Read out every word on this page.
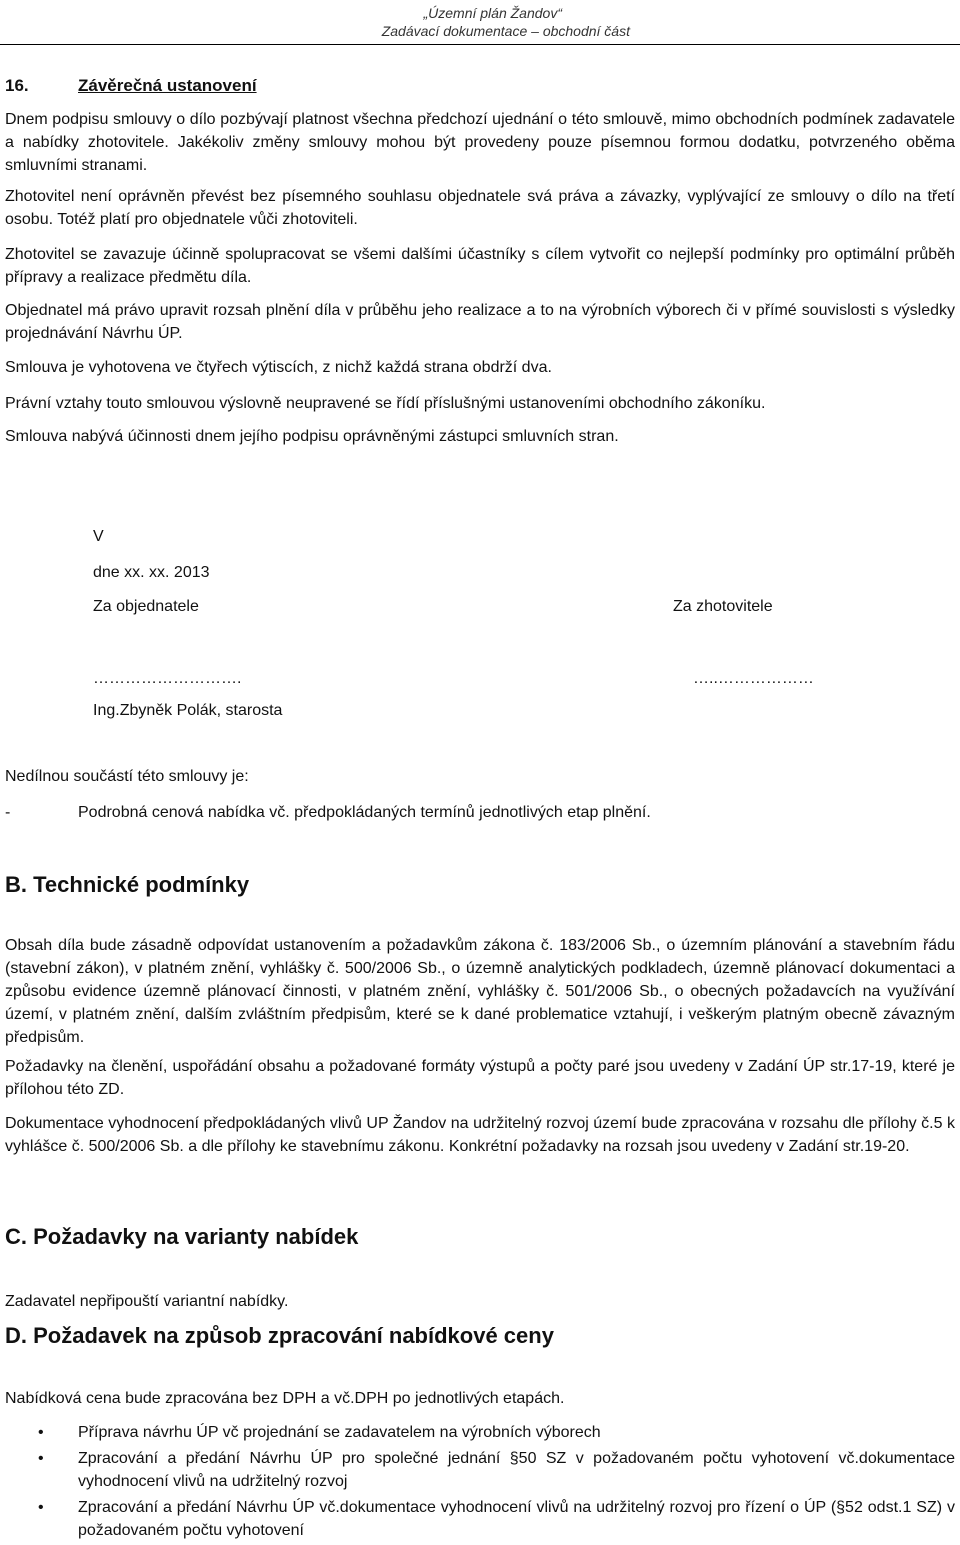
„Územní plán Žandov“
Zadávací dokumentace – obchodní část
16.	Závěrečná ustanovení

Dnem podpisu smlouvy o dílo pozbývají platnost všechna předchozí ujednání o této smlouvě, mimo obchodních podmínek zadavatele a nabídky zhotovitele. Jakékoliv změny smlouvy mohou být provedeny pouze písemnou formou dodatku, potvrzeného oběma smluvními stranami.

Zhotovitel není oprávněn převést bez písemného souhlasu objednatele svá práva a závazky, vyplývající ze smlouvy o dílo na třetí osobu. Totéž platí pro objednatele vůči zhotoviteli.

Zhotovitel se zavazuje účinně spolupracovat se všemi dalšími účastníky s cílem vytvořit co nejlepší podmínky pro optimální průběh přípravy a realizace předmětu díla.

Objednatel má právo upravit rozsah plnění díla v průběhu jeho realizace a to na výrobních výborech či v přímé souvislosti s výsledky projednávání Návrhu ÚP.

Smlouva je vyhotovena ve čtyřech výtiscích, z nichž každá strana obdrží dva.

Právní vztahy touto smlouvou výslovně neupravené se řídí příslušnými ustanoveními obchodního zákoníku.

Smlouva nabývá účinnosti dnem jejího podpisu oprávněnými zástupci smluvních stran.

V
dne xx. xx. 2013
Za objednatele	Za zhotovitele
……………………….	…..………………
Ing.Zbyněk Polák, starosta
Nedílnou součástí této smlouvy je:
-	Podrobná cenová nabídka vč. předpokládaných termínů jednotlivých etap plnění.
B. Technické podmínky

Obsah díla bude zásadně odpovídat ustanovením a požadavkům zákona č. 183/2006 Sb., o územním plánování a stavebním řádu (stavební zákon), v platném znění, vyhlášky č. 500/2006 Sb., o územně analytických podkladech, územně plánovací dokumentaci a způsobu evidence územně plánovací činnosti, v platném znění, vyhlášky č. 501/2006 Sb., o obecných požadavcích na využívání území, v platném znění, dalším zvláštním předpisům, které se k dané problematice vztahují, i veškerým platným obecně závazným předpisům.

Požadavky na členění, uspořádání obsahu a požadované formáty výstupů a počty paré jsou uvedeny v Zadání ÚP str.17-19, které je přílohou této ZD.

Dokumentace vyhodnocení předpokládaných vlivů UP Žandov na udržitelný rozvoj území bude zpracována v rozsahu dle přílohy č.5 k vyhlášce č. 500/2006 Sb. a dle přílohy ke stavebnímu zákonu. Konkrétní požadavky na rozsah jsou uvedeny v Zadání str.19-20.

C. Požadavky na varianty nabídek
Zadavatel nepřipouští variantní nabídky.
D. Požadavek na způsob zpracování nabídkové ceny
Nabídková cena bude zpracována bez DPH a vč.DPH po jednotlivých etapách.
• Příprava návrhu ÚP vč projednání se zadavatelem na výrobních výborech
• Zpracování a předání Návrhu ÚP pro společné jednání §50 SZ v požadovaném počtu vyhotovení vč.dokumentace vyhodnocení vlivů na udržitelný rozvoj
• Zpracování a předání Návrhu ÚP vč.dokumentace vyhodnocení vlivů na udržitelný rozvoj pro řízení o ÚP (§52 odst.1 SZ) v požadovaném počtu vyhotovení
